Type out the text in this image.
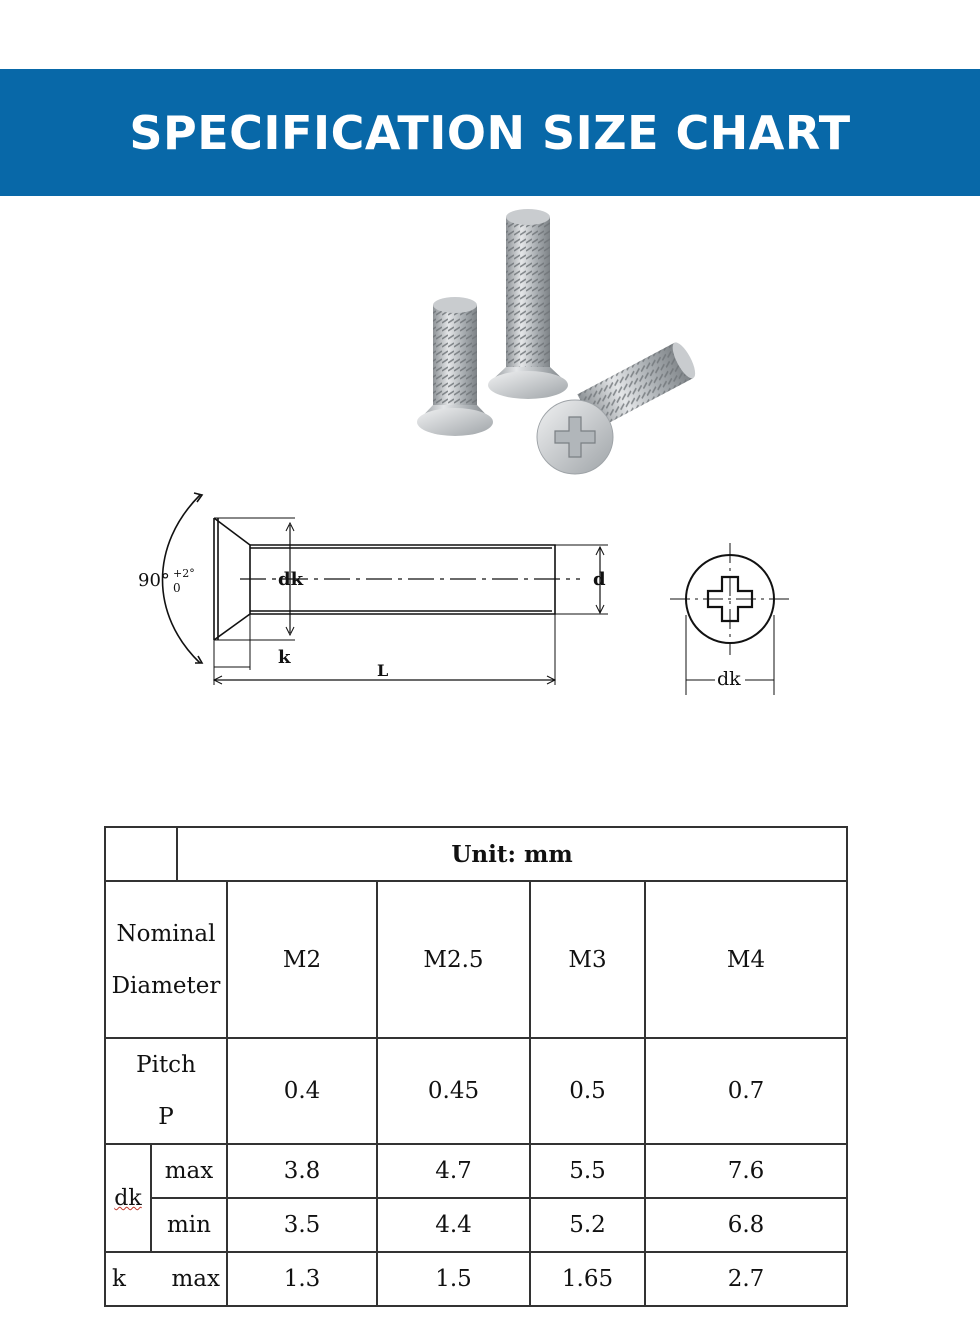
SPECIFICATION SIZE CHART
90° +2°
0	dk	d
k
L	dk
		Unit: mm				
Nominal
Diameter			M2	M2.5	M3	M4
Pitch
P			0.4	0.45	0.5	0.7
dk	max		3.8	4.7	5.5	7.6
	min		3.5	4.4	5.2	6.8

k max			1.3	1.5	1.65	2.7
